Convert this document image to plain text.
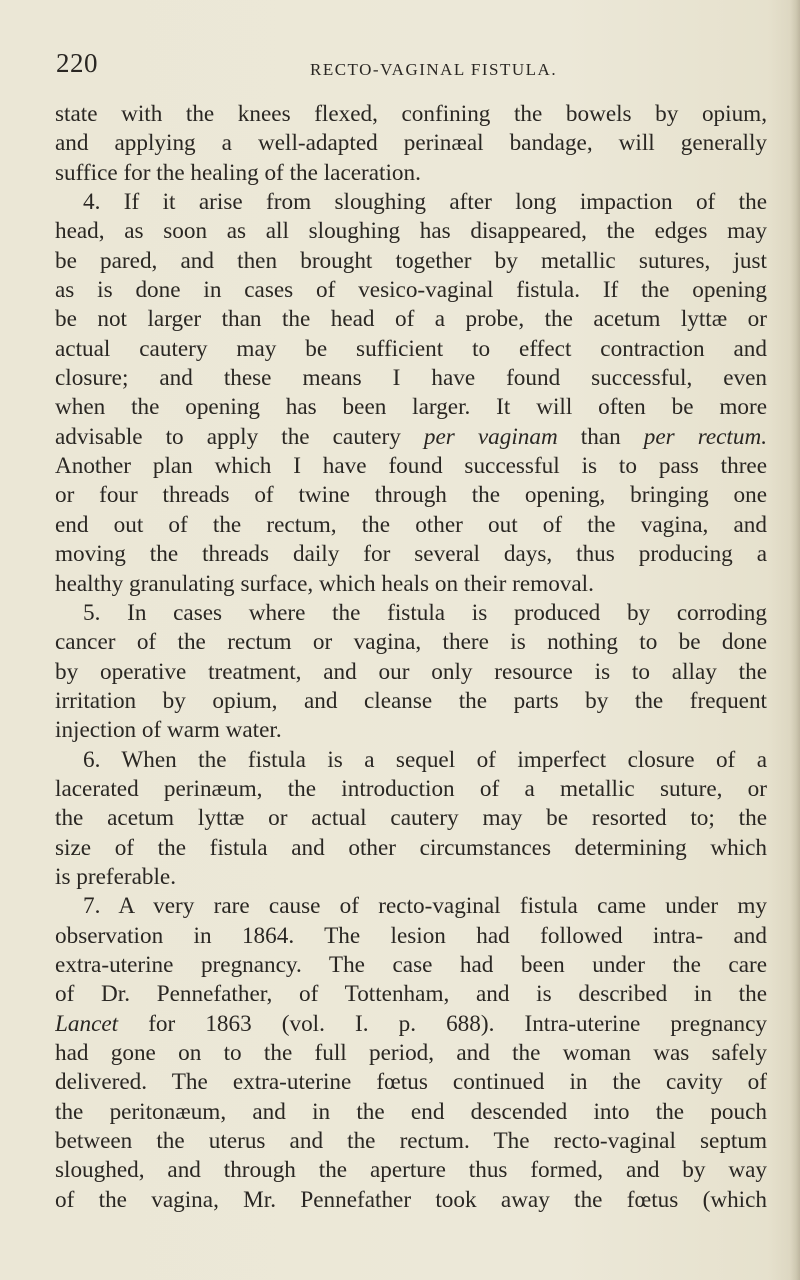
220	RECTO-VAGINAL FISTULA.
state with the knees flexed, confining the bowels by opium,
and applying a well-adapted perinæal bandage, will generally
suffice for the healing of the laceration.
4. If it arise from sloughing after long impaction of the
head, as soon as all sloughing has disappeared, the edges may
be pared, and then brought together by metallic sutures, just
as is done in cases of vesico-vaginal fistula. If the opening
be not larger than the head of a probe, the acetum lyttæ or
actual cautery may be sufficient to effect contraction and
closure; and these means I have found successful, even
when the opening has been larger. It will often be more
advisable to apply the cautery per vaginam than per rectum.
Another plan which I have found successful is to pass three
or four threads of twine through the opening, bringing one
end out of the rectum, the other out of the vagina, and
moving the threads daily for several days, thus producing a
healthy granulating surface, which heals on their removal.
5. In cases where the fistula is produced by corroding
cancer of the rectum or vagina, there is nothing to be done
by operative treatment, and our only resource is to allay the
irritation by opium, and cleanse the parts by the frequent
injection of warm water.
6. When the fistula is a sequel of imperfect closure of a
lacerated perinæum, the introduction of a metallic suture, or
the acetum lyttæ or actual cautery may be resorted to; the
size of the fistula and other circumstances determining which
is preferable.
7. A very rare cause of recto-vaginal fistula came under my
observation in 1864. The lesion had followed intra- and
extra-uterine pregnancy. The case had been under the care
of Dr. Pennefather, of Tottenham, and is described in the
Lancet for 1863 (vol. I. p. 688). Intra-uterine pregnancy
had gone on to the full period, and the woman was safely
delivered. The extra-uterine fœtus continued in the cavity of
the peritonæum, and in the end descended into the pouch
between the uterus and the rectum. The recto-vaginal septum
sloughed, and through the aperture thus formed, and by way
of the vagina, Mr. Pennefather took away the fœtus (which
